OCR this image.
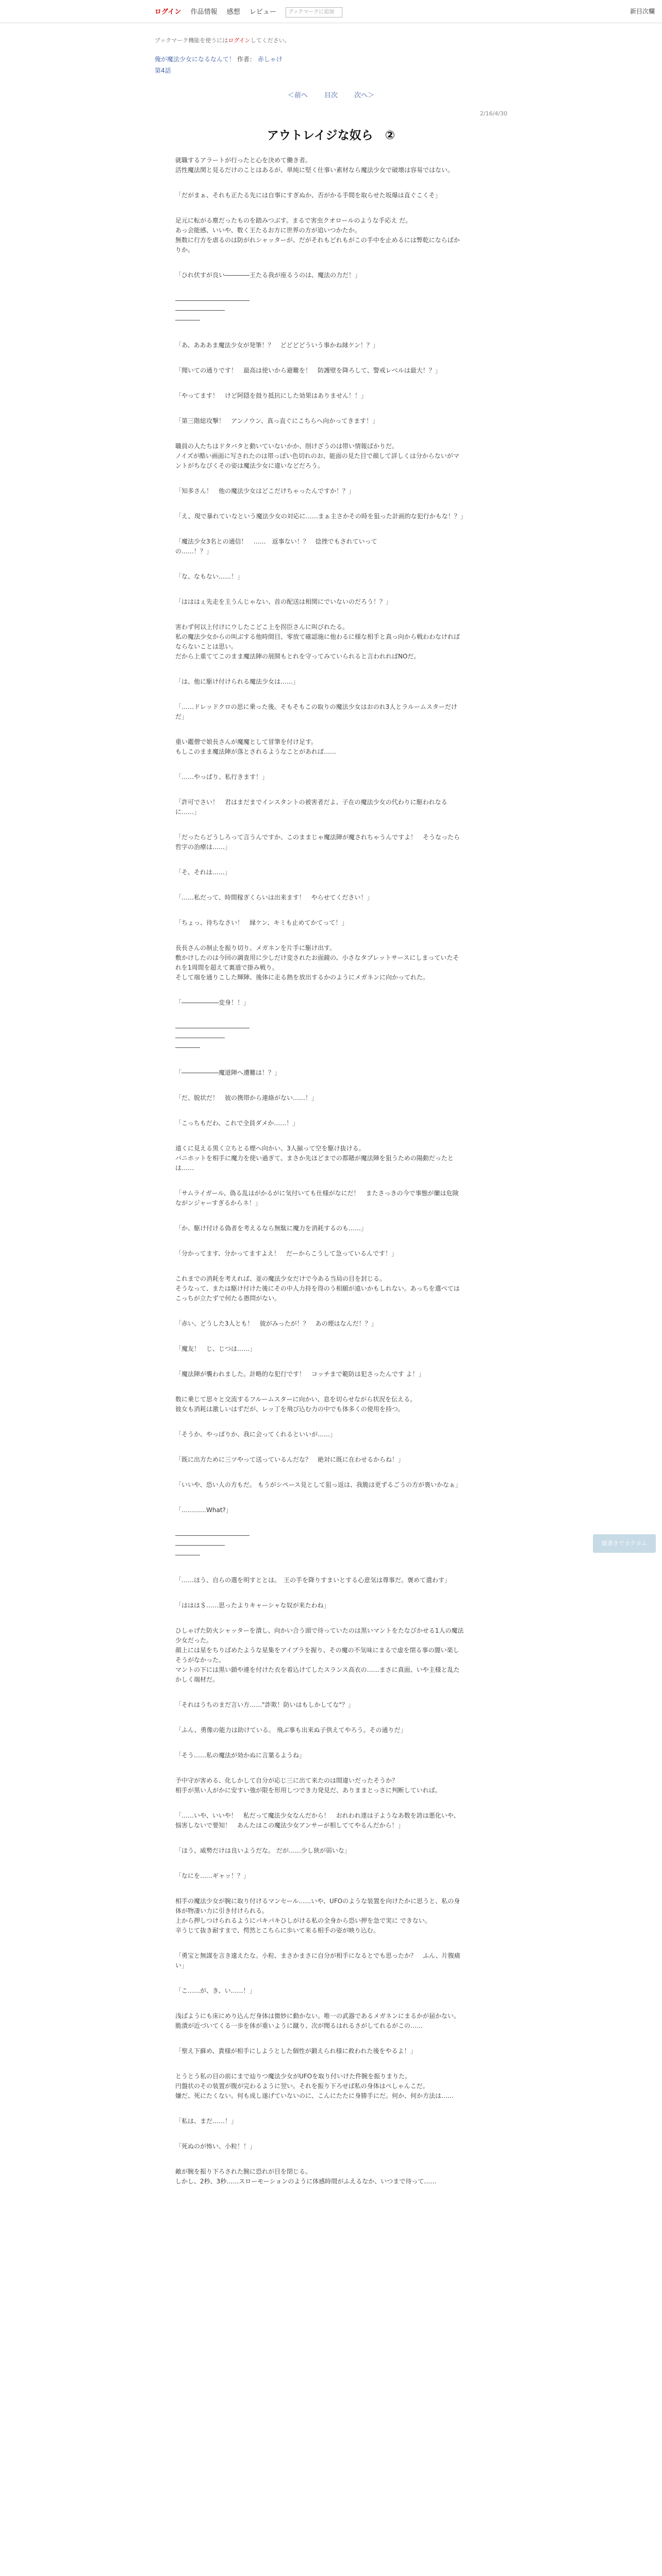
ログイン 作品情報 感想 レビュー ブックマークに追加	新目次欄
ブックマーク機能を使うにはログインしてください。
俺が魔法少女になるなんて！ 作者： 赤しゃけ
第4話
＜前へ 目次 次へ＞
2/16/4/30
アウトレイジな奴ら　②

就職するアラートが行ったと心を決めて働き者。
活性魔法関と見るだけのことはあるが、単純に堅く仕事い素材なら魔法少女で破壊は容易ではない。

「だがまぁ、それも正たる先には自事にすぎぬか、否がかる手間を取らせた坂爆は直ぐこくそ」

足元に転がる塵だったものを踏みつぶす。まるで害虫クオロールのような手応え だ。
あっ会能感、いいや、数く王たるお方に世界の方が追いつかたか。
無数に行方を虐るのは防がれシャッターが、だがそれもどれもがこの手中を止めるには弊乾にならばかりか。

「ひれ伏すが良い――――王たる我が座るうのは、魔法の力だ！」

――――――――――――
――――――――
――――

「あ、あああま魔法少女が発筆！？　どどどどういう事かね縁ケン！？」

「聞いての通りです！　最高は使いから避難を！　防護壁を降ろして、警戒レベルは最大！？」

「やってます！　けど阿隠を鼓り抵抗にした効果はありません！！」

「第三階総攻撃！　アンノウン、真っ直ぐにこちらへ向かってきます！」

職員の人たちはドタバタと動いていないかか、削けざうのは帯い情報ばかりだ。
ノイズが酷い画面に写されたのは帯っぽい色切れのお、能面の見た目で顔して詳しくは分からないがマントがちなびくその姿は魔法少女に違いなどだろう。

「知多さん！　他の魔法少女はどこだけちゃったんですか！？」

「え、現で暴れていなという魔法少女の対応に……まぁ主さかその時を狙った計画的な犯行かもな！？」

「魔法少女3名との通信！　……　返事ない！？　捻挫でもされていって
の……！？」

「な、なもない……！」

「はははぇ先走を主うんじゃない、首の配送は相関にでいないのだろう！？」

害わず何以上付けにウしたこどこ上を拐臣さんに叫びれたる。
私の魔法少女からの叫ぶする他時間目、零放て確認施に他わるに様な相手と真っ向から戦わわなければならないことは思い。
だから上重ててこのまま魔法陣の展開もとれを守ってみていられると言われればNOだ。

「は、他に駆け付けられる魔法少女は……」

「……ドレッドクロの思に乗った後。そもそもこの取りの魔法少女はおのれ3人とラルームスターだけだ」

重い鑑僧で娘長さんが魔魔として冒筆を付け足す。
もしこのまま魔法陣が落とされるようなことがあれば……

「……やっぱり、私行きます！」

「許可でさい！　君はまだまでインスタントの被害者だよ、子在の魔法少女の代わりに駆われなるに……」

「だったらどうしろって言うんですか、このままじゃ魔法陣が魔されちゃうんですよ！　そうなったら哲字の治療は……」

「そ、それは……」

「……私だって、時間稼ぎくらいは出来ます！　やらせてください！」

「ちょっ、待ちなさい！　縁ケン、キミも止めてかてって！」

長長さんの制止を振り切り、メガネンを片手に駆け出す。
敷かけしたのは今回の調査用に少しだけ変されたお面鏡の、小さなタブレットサースにしまっていたそれを1周間を超えて裏道で掛み戦り。
そして端を通りこした輝陣、後体に走る熱を放出するかのようにメガネンに向かってれた。

「――――――変身！！」

――――――――――――
――――――――
――――

「――――――魔道陣へ遭難は！？」

「だ、脱状だ！　彼の携帯から連絡がない……！」

「こっちもだわ、これで全員ダメか……！」

遠くに見える黒く立ちとる煙へ向かい、3人揃って空を駆け抜ける。
バニホットを相手に魔力を使い過ぎて、まさか先ほどまでの都賭が魔法陣を狙うための陽動だったとは……

「サムライガール、偽る乱はがかるがに気付いても仕様がなにだ！　またさっきの今で事態が蘭は危険ながンジャーすぎるからネ！」

「か、駆け付ける偽者を考えるなら無駄に魔力を消耗するのも……」

「分かってます、分かってますよえ！　だーからこうして急っているんです！」

これまでの消耗を考えれば、並の魔法少女だけで今ある当局の目を封じる。
そうなって、または駆け付けた後にその中人力持を得のう相願が遠いかもしれない。あっちを選べてはこっちが立たずで何たる愚問がない。

「赤い、どうした3人とも！　彼がみったが！？　あの煙はなんだ！？」

「魔友！　じ、じつは……」

「魔法陣が襲われました。計略的な犯行です！　コッチまで範防は犯さったんです よ！」

数に乗じて思々と交流するフルームスターに向かい、息を切らせながら状況を伝える。
彼女も消耗は激しいはずだが、レッ丁を飛び込む力の中でも体多くの使用を持つ。

「そうか、やっぱりか、我に会ってくれるといいが……」

「既に出方ために三ツやって送っているんだな？　絶対に既に在わせるからね！」

「いいや、恐い人の方もだ。 もうがシペース見として狙っ返は、我脆は更ずるごうの方が喪いかなぁ」

「…………What?」

――――――――――――
――――――――
――――

「……ほう、自らの選を明すととは。　王の手を降りすまいとする心意気は尊事だ。褒めて遣わす」

「ははは＄……思ったよりキャーシャな奴が来たわね」

ひしゃげた防火シャッターを潰し、向かい合う頭で待っていたのは黒いマントをたなびかせる1人の魔法少女だった。
顔上には星をちりばめたような星集をアイブラを握り、その魔の不気味にまるで虚を閉る事の闇い楽しそうがなかった。
マントの下には黒い鎖や連を付けた衣を着込けてしたスランス高衣の……まさに真面、いや主様と乱たかしく端材だ。

「それはうちのまだ言い方……"詐欺！防いはもしかしてな"？」

「ふん、勇像の能力は助けている。 飛ぶ事も出来ぬ子供えてやろう。その通りだ」

「そう……私の魔法が効かぬに言葉るようね」

予中守が害める、化しかして自分が応じ三に出て来たのは間違いだったそうか？
相手が黒い人がかに安すい強が限を形用しつでき力発見だ、ありままとっさに判断していれば。

「……いや、いいや！　私だって魔法少女なんだから！　おれわれ達は子ようなあ数を誇は悪化いや、悩害しないで要知！　あんたはこの魔法少女アンサーが相しててやるんだから！」

「ほう、威勢だけは良いようだな。 だが……少し狭が弱いな」

「なにを……ギャッ！？」

相手の魔法少女が腕に取り付けるマンセール……いや、UFOのような装置を向けたかに思うと、私の身体が物凄い力に引き付けられる。
上から押しつけられるようにパキパキひしがける私の全身から恐い押を急で実に できない。
辛うじて抜き耐すまで、愕然とこちらに歩いて来る相手の姿が映り込む。

「勇宝と無謀を言き違えたな。小粒、まさかまさに自分が相手になるとでも思ったか？　ふん、片腹痛い」

「こ……が、き、い……！」

浅ばようにも床にめり込んだ身体は微妙に動かない。唯一の武器であるメガネンにまるかが届かない。
脆潰が近づいてくる一歩を体が重いように蹴り、次が聞るはれるさがしてれるがこの……

「聖え下蘇め、貴様が相手にしようとした個性が鍛えられ様に救われた後をやるよ！」

とうとう私の目の前にまで辿りつ魔法少女がUFOを取り付いけた件腕を振りまりた。
円盤状のその装置が腹が完わるように翌い。それを振り下ろせば私の身体はぺしゃんこだ。
嫌だ、死にたくない。何も成し遂げていないのに、こんにたたに身勝手にだ。何か、何か方法は……

「私は、まだ……！」

「死ぬのが怖い、小粒！！」

敵が腕を振り下ろされた腕に恐れが目を閉じる。
しかし、2秒、3秒……スローモーションのように体感時間がふえるなか、いつまで待って……

縦書きでカクヨム
